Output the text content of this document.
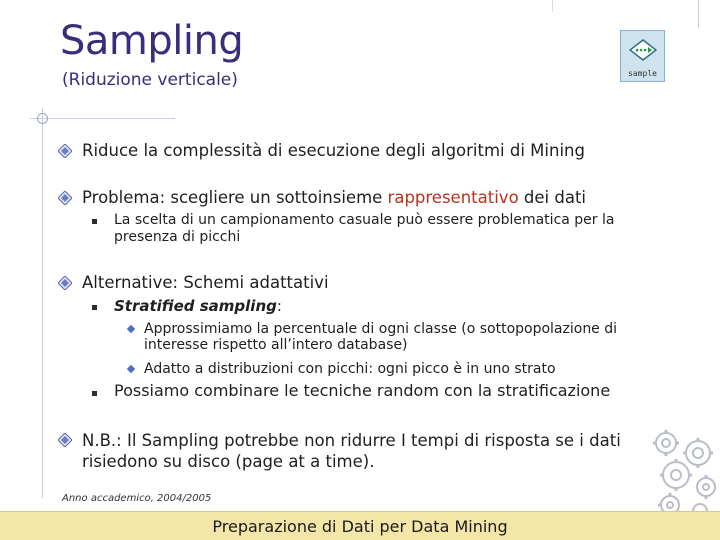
Sampling
(Riduzione verticale)	sample
Riduce la complessità di esecuzione degli algoritmi di Mining
Problema: scegliere un sottoinsieme rappresentativo dei dati
La scelta di un campionamento casuale può essere problematica per la presenza di picchi
Alternative: Schemi adattativi
Stratified sampling:
Approssimiamo la percentuale di ogni classe (o sottopopolazione di interesse rispetto all’intero database)
Adatto a distribuzioni con picchi: ogni picco è in uno strato
Possiamo combinare le tecniche random con la stratificazione
N.B.: Il Sampling potrebbe non ridurre I tempi di risposta se i dati risiedono su disco (page at a time).
Anno accademico, 2004/2005
Preparazione di Dati per Data Mining
